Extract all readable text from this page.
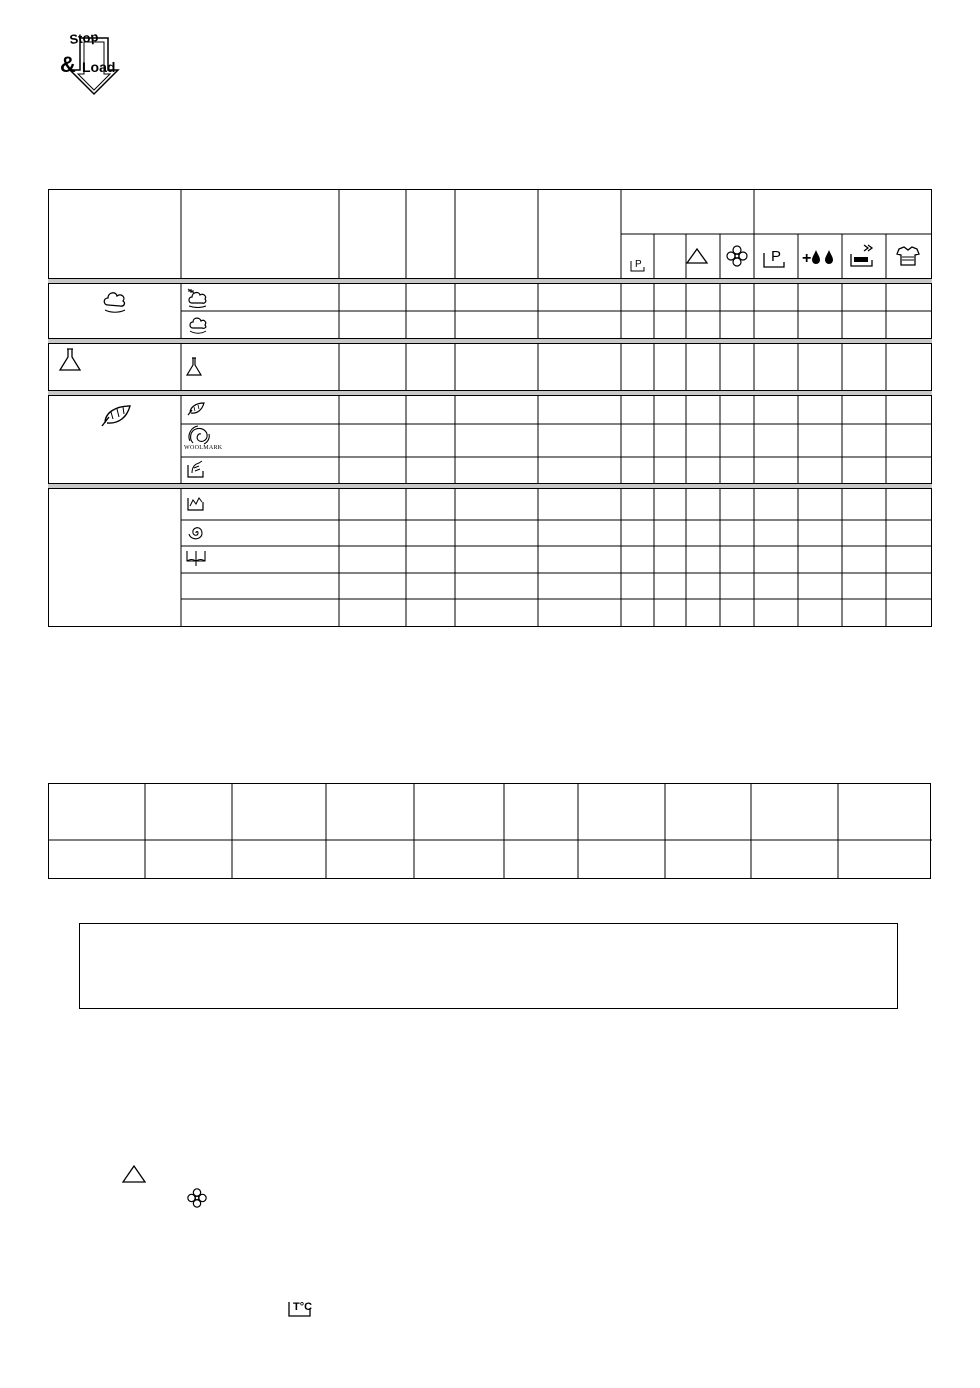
Stop
& Load
P	P +
WOOLMARK
T°C
